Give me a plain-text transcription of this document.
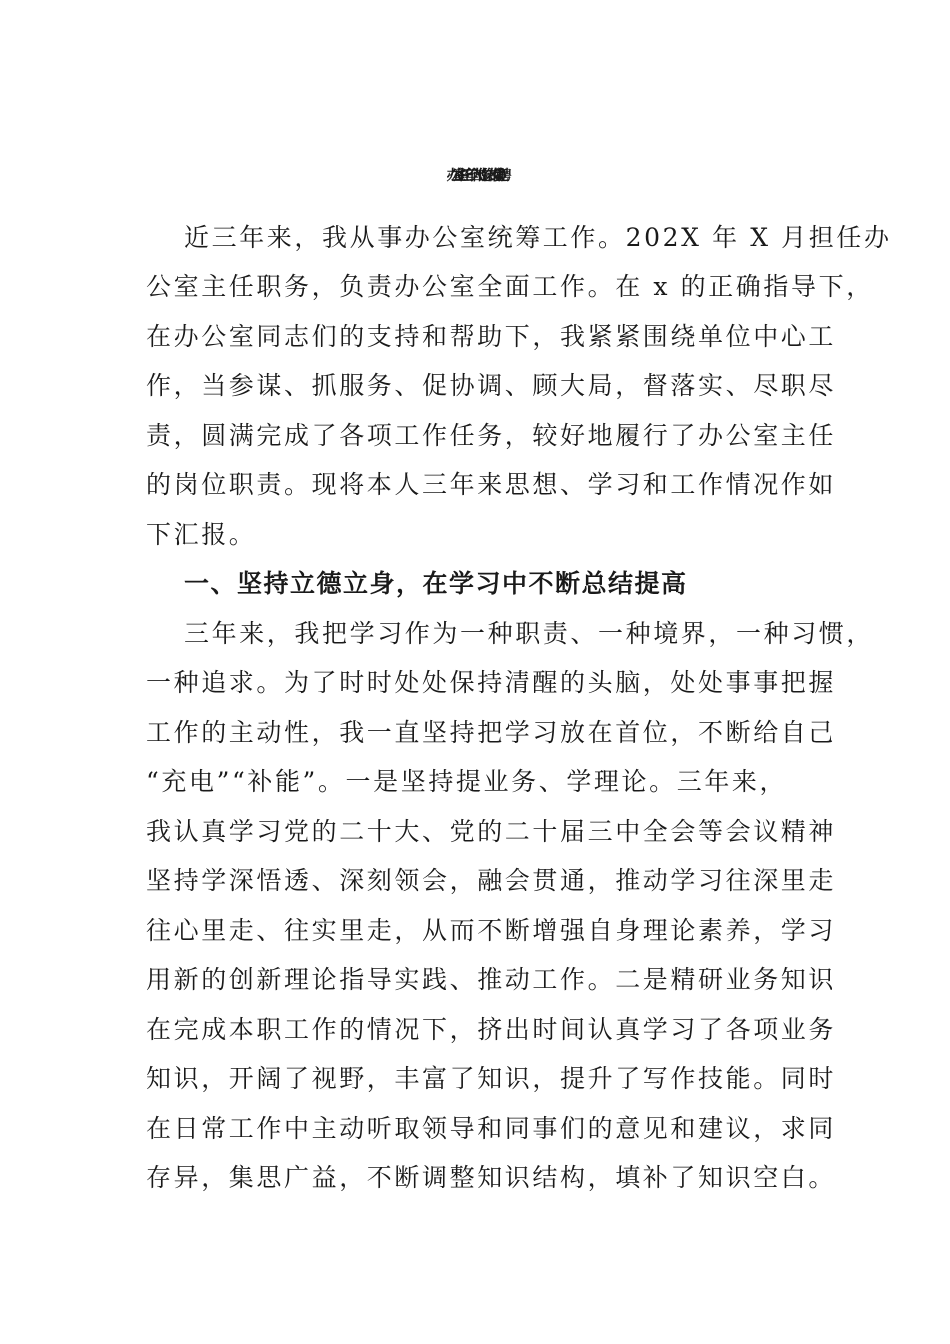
办公室主任三年个人工作总结（岗位竞聘）
近三年来，我从事办公室统筹工作。202X 年 X 月担任办
公室主任职务，负责办公室全面工作。在 x 的正确指导下，
在办公室同志们的支持和帮助下，我紧紧围绕单位中心工
作，当参谋、抓服务、促协调、顾大局，督落实、尽职尽
责，圆满完成了各项工作任务，较好地履行了办公室主任
的岗位职责。现将本人三年来思想、学习和工作情况作如
下汇报。
一、坚持立德立身，在学习中不断总结提高
三年来，我把学习作为一种职责、一种境界，一种习惯，
一种追求。为了时时处处保持清醒的头脑，处处事事把握
工作的主动性，我一直坚持把学习放在首位，不断给自己
“充电”“补能”。一是坚持提业务、学理论。三年来，
我认真学习党的二十大、党的二十届三中全会等会议精神
坚持学深悟透、深刻领会，融会贯通，推动学习往深里走
往心里走、往实里走，从而不断增强自身理论素养，学习
用新的创新理论指导实践、推动工作。二是精研业务知识
在完成本职工作的情况下，挤出时间认真学习了各项业务
知识，开阔了视野，丰富了知识，提升了写作技能。同时
在日常工作中主动听取领导和同事们的意见和建议，求同
存异，集思广益，不断调整知识结构，填补了知识空白。
